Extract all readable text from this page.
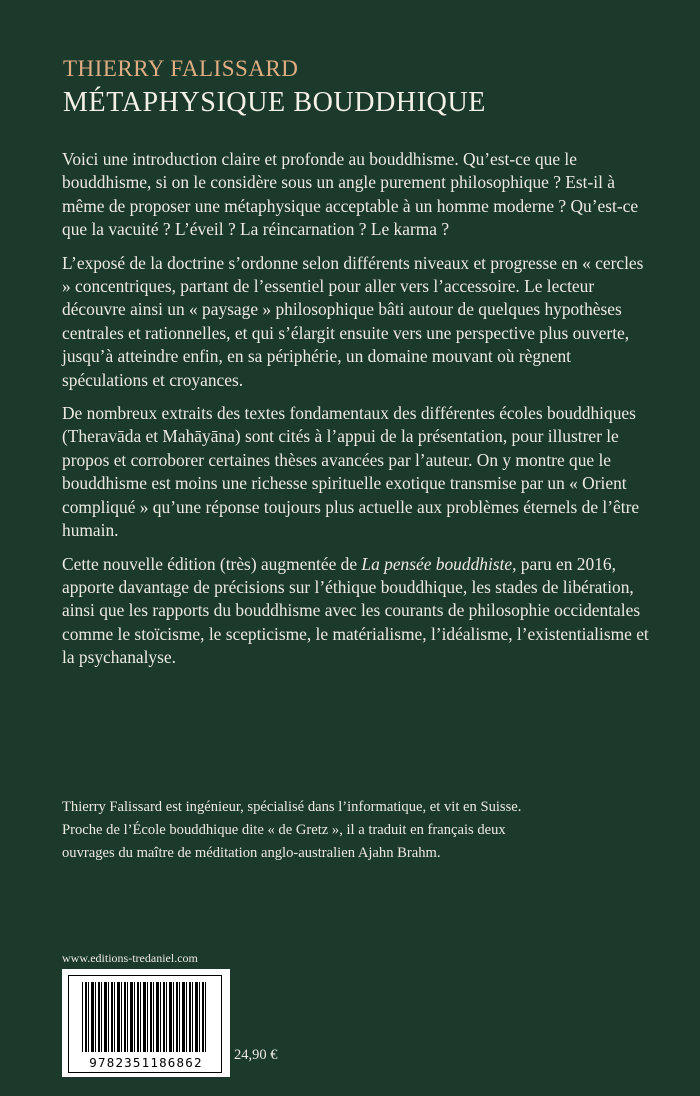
THIERRY FALISSARD
MÉTAPHYSIQUE BOUDDHIQUE

Voici une introduction claire et profonde au bouddhisme. Qu’est-ce que le bouddhisme, si on le considère sous un angle purement philosophique ? Est-il à même de proposer une métaphysique acceptable à un homme moderne ? Qu’est-ce que la vacuité ? L’éveil ? La réincarnation ? Le karma ?

L’exposé de la doctrine s’ordonne selon différents niveaux et progresse en « cercles » concentriques, partant de l’essentiel pour aller vers l’accessoire. Le lecteur découvre ainsi un « paysage » philosophique bâti autour de quelques hypothèses centrales et rationnelles, et qui s’élargit ensuite vers une perspective plus ouverte, jusqu’à atteindre enfin, en sa périphérie, un domaine mouvant où règnent spéculations et croyances.

De nombreux extraits des textes fondamentaux des différentes écoles bouddhiques (Theravāda et Mahāyāna) sont cités à l’appui de la présentation, pour illustrer le propos et corroborer certaines thèses avancées par l’auteur. On y montre que le bouddhisme est moins une richesse spirituelle exotique transmise par un « Orient compliqué » qu’une réponse toujours plus actuelle aux problèmes éternels de l’être humain.

Cette nouvelle édition (très) augmentée de La pensée bouddhiste, paru en 2016, apporte davantage de précisions sur l’éthique bouddhique, les stades de libération, ainsi que les rapports du bouddhisme avec les courants de philosophie occidentales comme le stoïcisme, le scepticisme, le matérialisme, l’idéalisme, l’existentialisme et la psychanalyse.

Thierry Falissard est ingénieur, spécialisé dans l’informatique, et vit en Suisse.

Proche de l’École bouddhique dite « de Gretz », il a traduit en français deux

ouvrages du maître de méditation anglo-australien Ajahn Brahm.

www.editions-tredaniel.com
9782351186862	24,90 €
